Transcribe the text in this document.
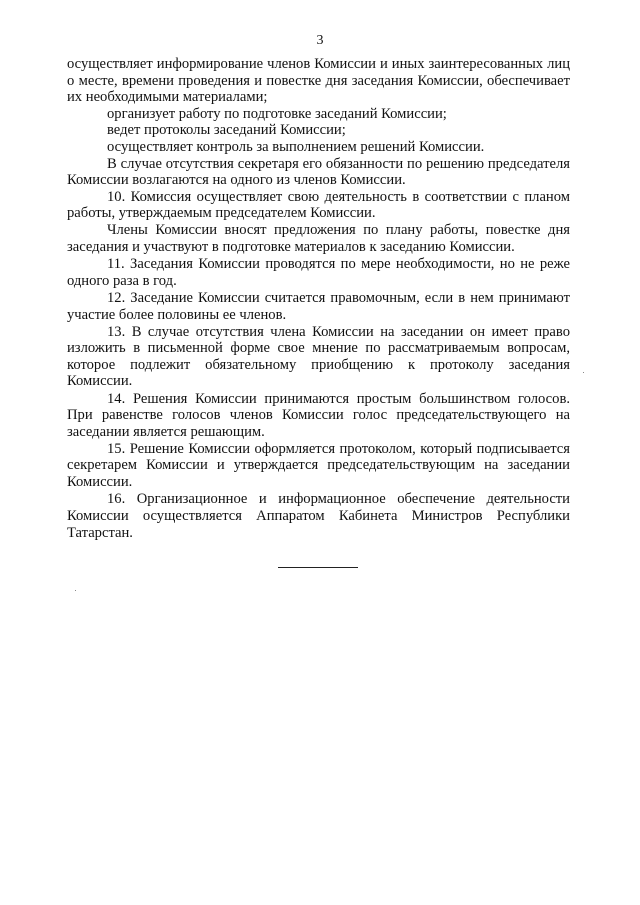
3

осуществляет информирование членов Комиссии и иных заинтересованных лиц о месте, времени проведения и повестке дня заседания Комиссии, обеспечивает их необходимыми материалами;

организует работу по подготовке заседаний Комиссии;

ведет протоколы заседаний Комиссии;

осуществляет контроль за выполнением решений Комиссии.

В случае отсутствия секретаря его обязанности по решению председателя Комиссии возлагаются на одного из членов Комиссии.

10. Комиссия осуществляет свою деятельность в соответствии с планом работы, утверждаемым председателем Комиссии.

Члены Комиссии вносят предложения по плану работы, повестке дня заседания и участвуют в подготовке материалов к заседанию Комиссии.

11. Заседания Комиссии проводятся по мере необходимости, но не реже одного раза в год.

12. Заседание Комиссии считается правомочным, если в нем принимают участие более половины ее членов.

13. В случае отсутствия члена Комиссии на заседании он имеет право изложить в письменной форме свое мнение по рассматриваемым вопросам, которое подлежит обязательному приобщению к протоколу заседания Комиссии.

14. Решения Комиссии принимаются простым большинством голосов. При равенстве голосов членов Комиссии голос председательствующего на заседании является решающим.

15. Решение Комиссии оформляется протоколом, который подписывается секретарем Комиссии и утверждается председательствующим на заседании Комиссии.

16. Организационное и информационное обеспечение деятельности Комиссии осуществляется Аппаратом Кабинета Министров Республики Татарстан.
